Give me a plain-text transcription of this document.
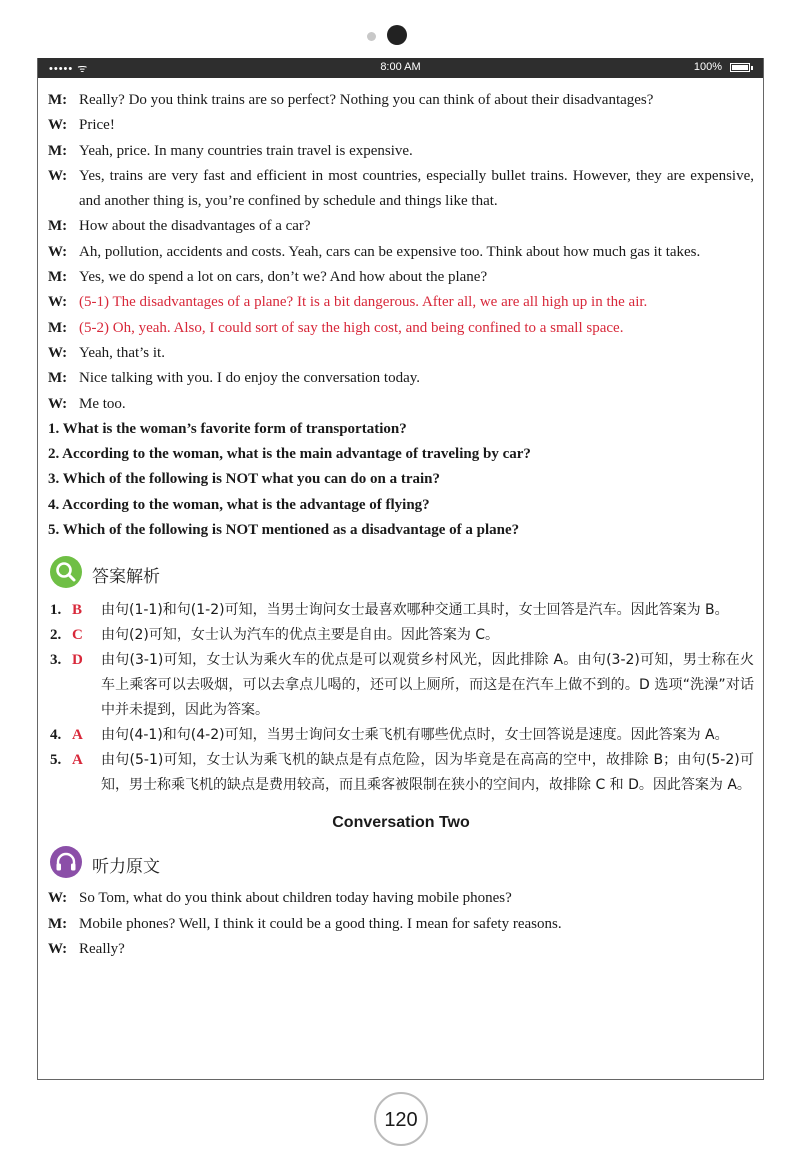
••••• ᯤ	8:00 AM	100%
M: Really? Do you think trains are so perfect? Nothing you can think of about their disadvantages?
W: Price!
M: Yeah, price. In many countries train travel is expensive.
W: Yes, trains are very fast and efficient in most countries, especially bullet trains. However, they are expensive, and another thing is, you’re confined by schedule and things like that.
M: How about the disadvantages of a car?
W: Ah, pollution, accidents and costs. Yeah, cars can be expensive too. Think about how much gas it takes.
M: Yes, we do spend a lot on cars, don’t we? And how about the plane?
W: (5-1) The disadvantages of a plane? It is a bit dangerous. After all, we are all high up in the air.
M: (5-2) Oh, yeah. Also, I could sort of say the high cost, and being confined to a small space.
W: Yeah, that’s it.
M: Nice talking with you. I do enjoy the conversation today.
W: Me too.
1. What is the woman’s favorite form of transportation?
2. According to the woman, what is the main advantage of traveling by car?
3. Which of the following is NOT what you can do on a train?
4. According to the woman, what is the advantage of flying?
5. Which of the following is NOT mentioned as a disadvantage of a plane?
答案解析
1. B 由句(1-1)和句(1-2)可知，当男士询问女士最喜欢哪种交通工具时，女士回答是汽车。因此答案为 B。
2. C 由句(2)可知，女士认为汽车的优点主要是自由。因此答案为 C。
3. D 由句(3-1)可知，女士认为乘火车的优点是可以观赏乡村风光，因此排除 A。由句(3-2)可知，男士称在火车上乘客可以去吸烟，可以去拿点儿喝的，还可以上厕所，而这是在汽车上做不到的。D 选项“洗澡”对话中并未提到，因此为答案。
4. A 由句(4-1)和句(4-2)可知，当男士询问女士乘飞机有哪些优点时，女士回答说是速度。因此答案为 A。
5. A 由句(5-1)可知，女士认为乘飞机的缺点是有点危险，因为毕竟是在高高的空中，故排除 B；由句(5-2)可知，男士称乘飞机的缺点是费用较高，而且乘客被限制在狭小的空间内，故排除 C 和 D。因此答案为 A。
Conversation Two
听力原文
W: So Tom, what do you think about children today having mobile phones?
M: Mobile phones? Well, I think it could be a good thing. I mean for safety reasons.
W: Really?
120
